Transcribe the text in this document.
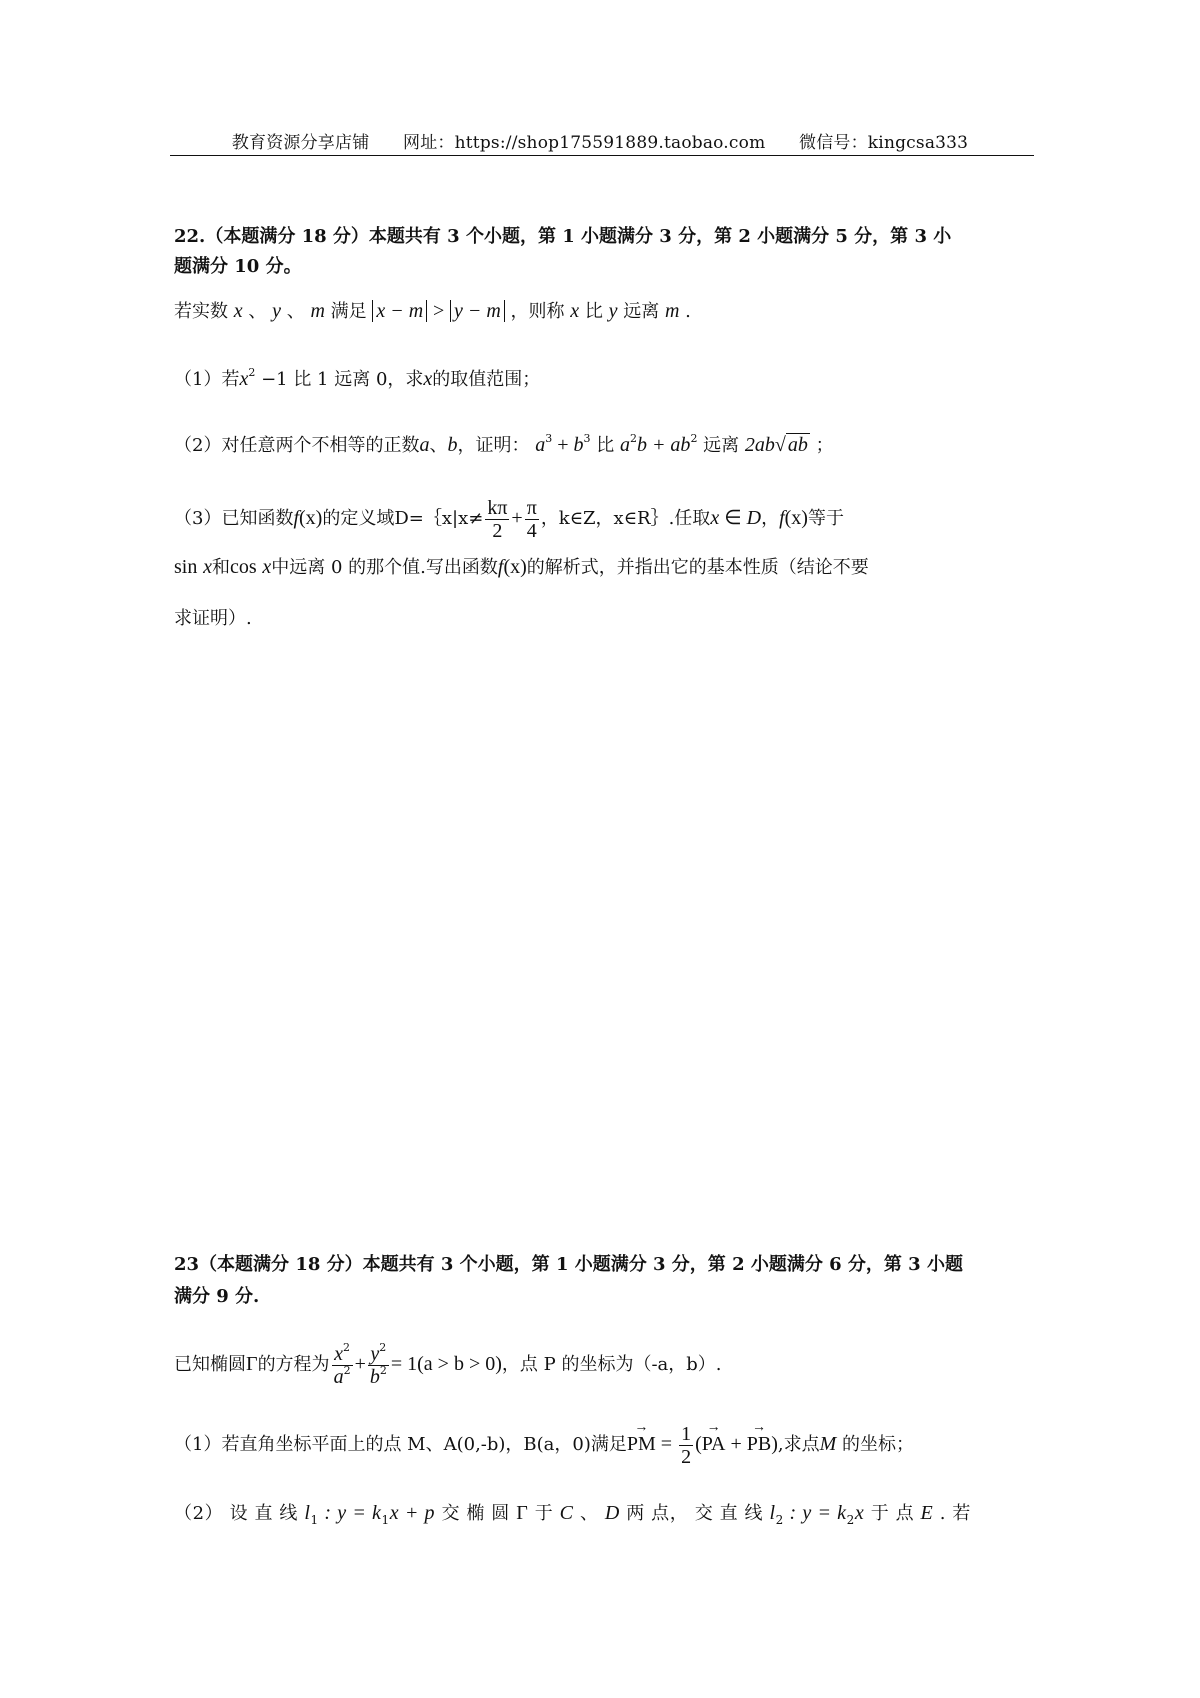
教育资源分享店铺 网址：https://shop175591889.taobao.com 微信号：kingcsa333
22.（本题满分 18 分）本题共有 3 个小题，第 1 小题满分 3 分，第 2 小题满分 5 分，第 3 小
题满分 10 分。
若实数 x 、 y 、 m 满足 x − m > y − m ，则称 x 比 y 远离 m .
（1）若$x^2 -1$ 比 1 远离 0，求x的取值范围；
（2）对任意两个不相等的正数a、b，证明： $a^3 + b^3$ 比 $a^2b + ab^2$ 远离 2ab√ ab ；
（3）已知函数f(x)的定义域D=｛x|x≠ $\frac{k\pi}{2} + \frac{\pi}{4}$ ，k∈Z，x∈R｝.任取x ∈ D，f(x)等于
sin x和cos x中远离 0 的那个值.写出函数f(x)的解析式，并指出它的基本性质（结论不要
求证明）.
23（本题满分 18 分）本题共有 3 个小题，第 1 小题满分 3 分，第 2 小题满分 6 分，第 3 小题
满分 9 分.
已知椭圆Γ的方程为 $\frac{x^2}{a^2} + \frac{y^2}{b^2} = 1(a > b > 0)$，点 P 的坐标为（-a，b）.
（1）若直角坐标平面上的点 M、A(0,-b)，B(a，0)满足→ PM = $\frac{1}{2}$ (→ PA + → PB),求点M 的坐标；
（2） 设 直 线 $l_1$ : $y = k_1x + p$ 交 椭 圆 Γ 于 C 、 D 两 点， 交 直 线 $l_2$ : $y = k_2x$ 于 点 E . 若
